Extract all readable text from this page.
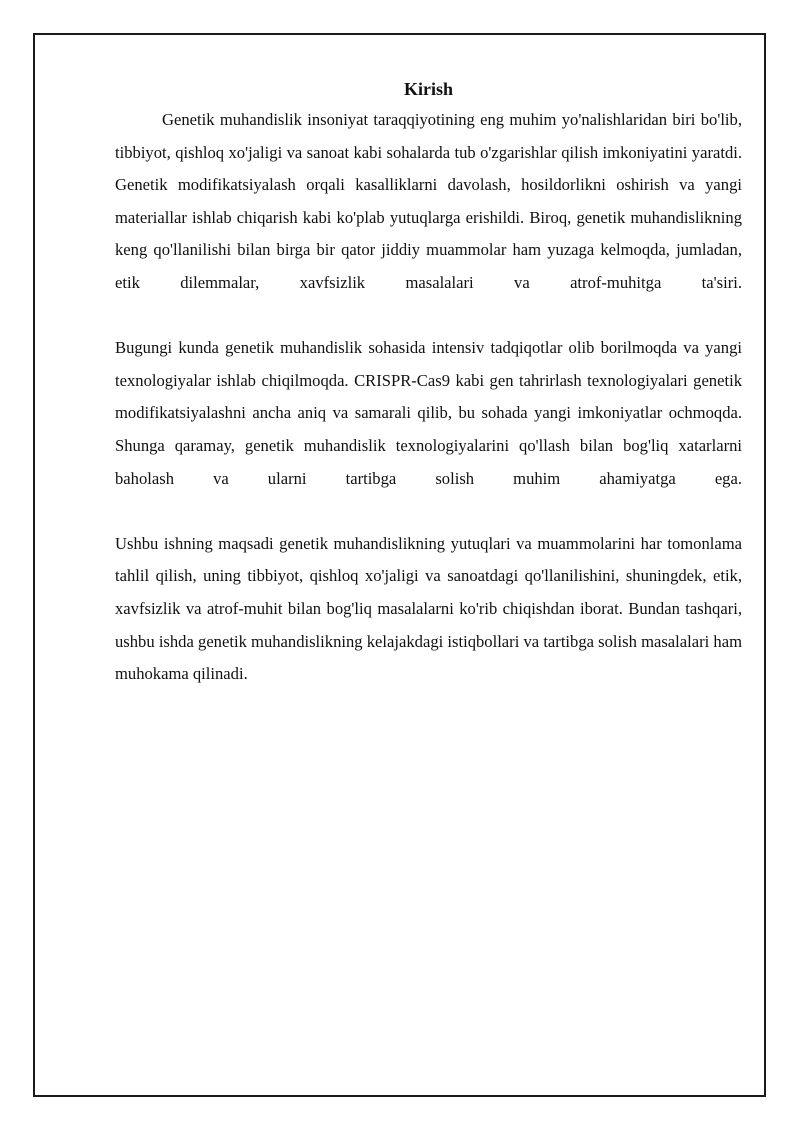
Kirish

Genetik muhandislik insoniyat taraqqiyotining eng muhim yo'nalishlaridan biri bo'lib, tibbiyot, qishloq xo'jaligi va sanoat kabi sohalarda tub o'zgarishlar qilish imkoniyatini yaratdi. Genetik modifikatsiyalash orqali kasalliklarni davolash, hosildorlikni oshirish va yangi materiallar ishlab chiqarish kabi ko'plab yutuqlarga erishildi. Biroq, genetik muhandislikning keng qo'llanilishi bilan birga bir qator jiddiy muammolar ham yuzaga kelmoqda, jumladan, etik dilemmalar, xavfsizlik masalalari va atrof-muhitga ta'siri.

Bugungi kunda genetik muhandislik sohasida intensiv tadqiqotlar olib borilmoqda va yangi texnologiyalar ishlab chiqilmoqda. CRISPR-Cas9 kabi gen tahrirlash texnologiyalari genetik modifikatsiyalashni ancha aniq va samarali qilib, bu sohada yangi imkoniyatlar ochmoqda. Shunga qaramay, genetik muhandislik texnologiyalarini qo'llash bilan bog'liq xatarlarni baholash va ularni tartibga solish muhim ahamiyatga ega.

Ushbu ishning maqsadi genetik muhandislikning yutuqlari va muammolarini har tomonlama tahlil qilish, uning tibbiyot, qishloq xo'jaligi va sanoatdagi qo'llanilishini, shuningdek, etik, xavfsizlik va atrof-muhit bilan bog'liq masalalarni ko'rib chiqishdan iborat. Bundan tashqari, ushbu ishda genetik muhandislikning kelajakdagi istiqbollari va tartibga solish masalalari ham muhokama qilinadi.
